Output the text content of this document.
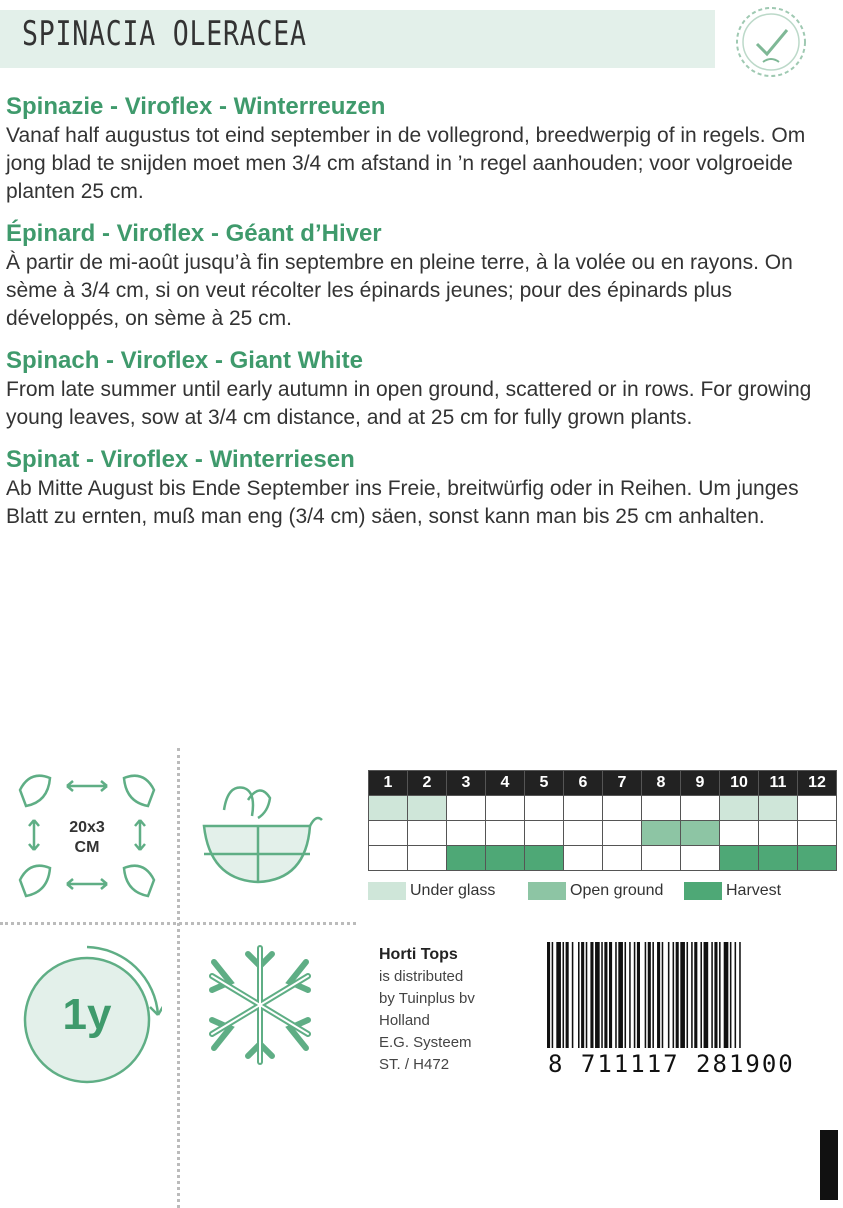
SPINACIA OLERACEA
Spinazie - Viroflex - Winterreuzen
Vanaf half augustus tot eind september in de vollegrond, breedwerpig of in regels. Om jong blad te snijden moet men 3/4 cm afstand in ’n regel aanhouden; voor volgroeide planten 25 cm.
Épinard - Viroflex - Géant d’Hiver
À partir de mi-août jusqu’à fin septembre en pleine terre, à la volée ou en rayons. On sème à 3/4 cm, si on veut récolter les épinards jeunes; pour des épinards plus développés, on sème à 25 cm.
Spinach - Viroflex - Giant White
From late summer until early autumn in open ground, scattered or in rows. For growing young leaves, sow at 3/4 cm distance, and at 25 cm for fully grown plants.
Spinat - Viroflex - Winterriesen
Ab Mitte August bis Ende September ins Freie, breitwürfig oder in Reihen. Um junges Blatt zu ernten, muß man eng (3/4 cm) säen, sonst kann man bis 25 cm anhalten.
20x3
CM
1y
1	2	3	4	5	6	7	8	9	10	11	12

Under glass	Open ground	Harvest
Horti Tops
is distributed
by Tuinplus bv
Holland
E.G. Systeem
ST. / H472	8 711117 281900
